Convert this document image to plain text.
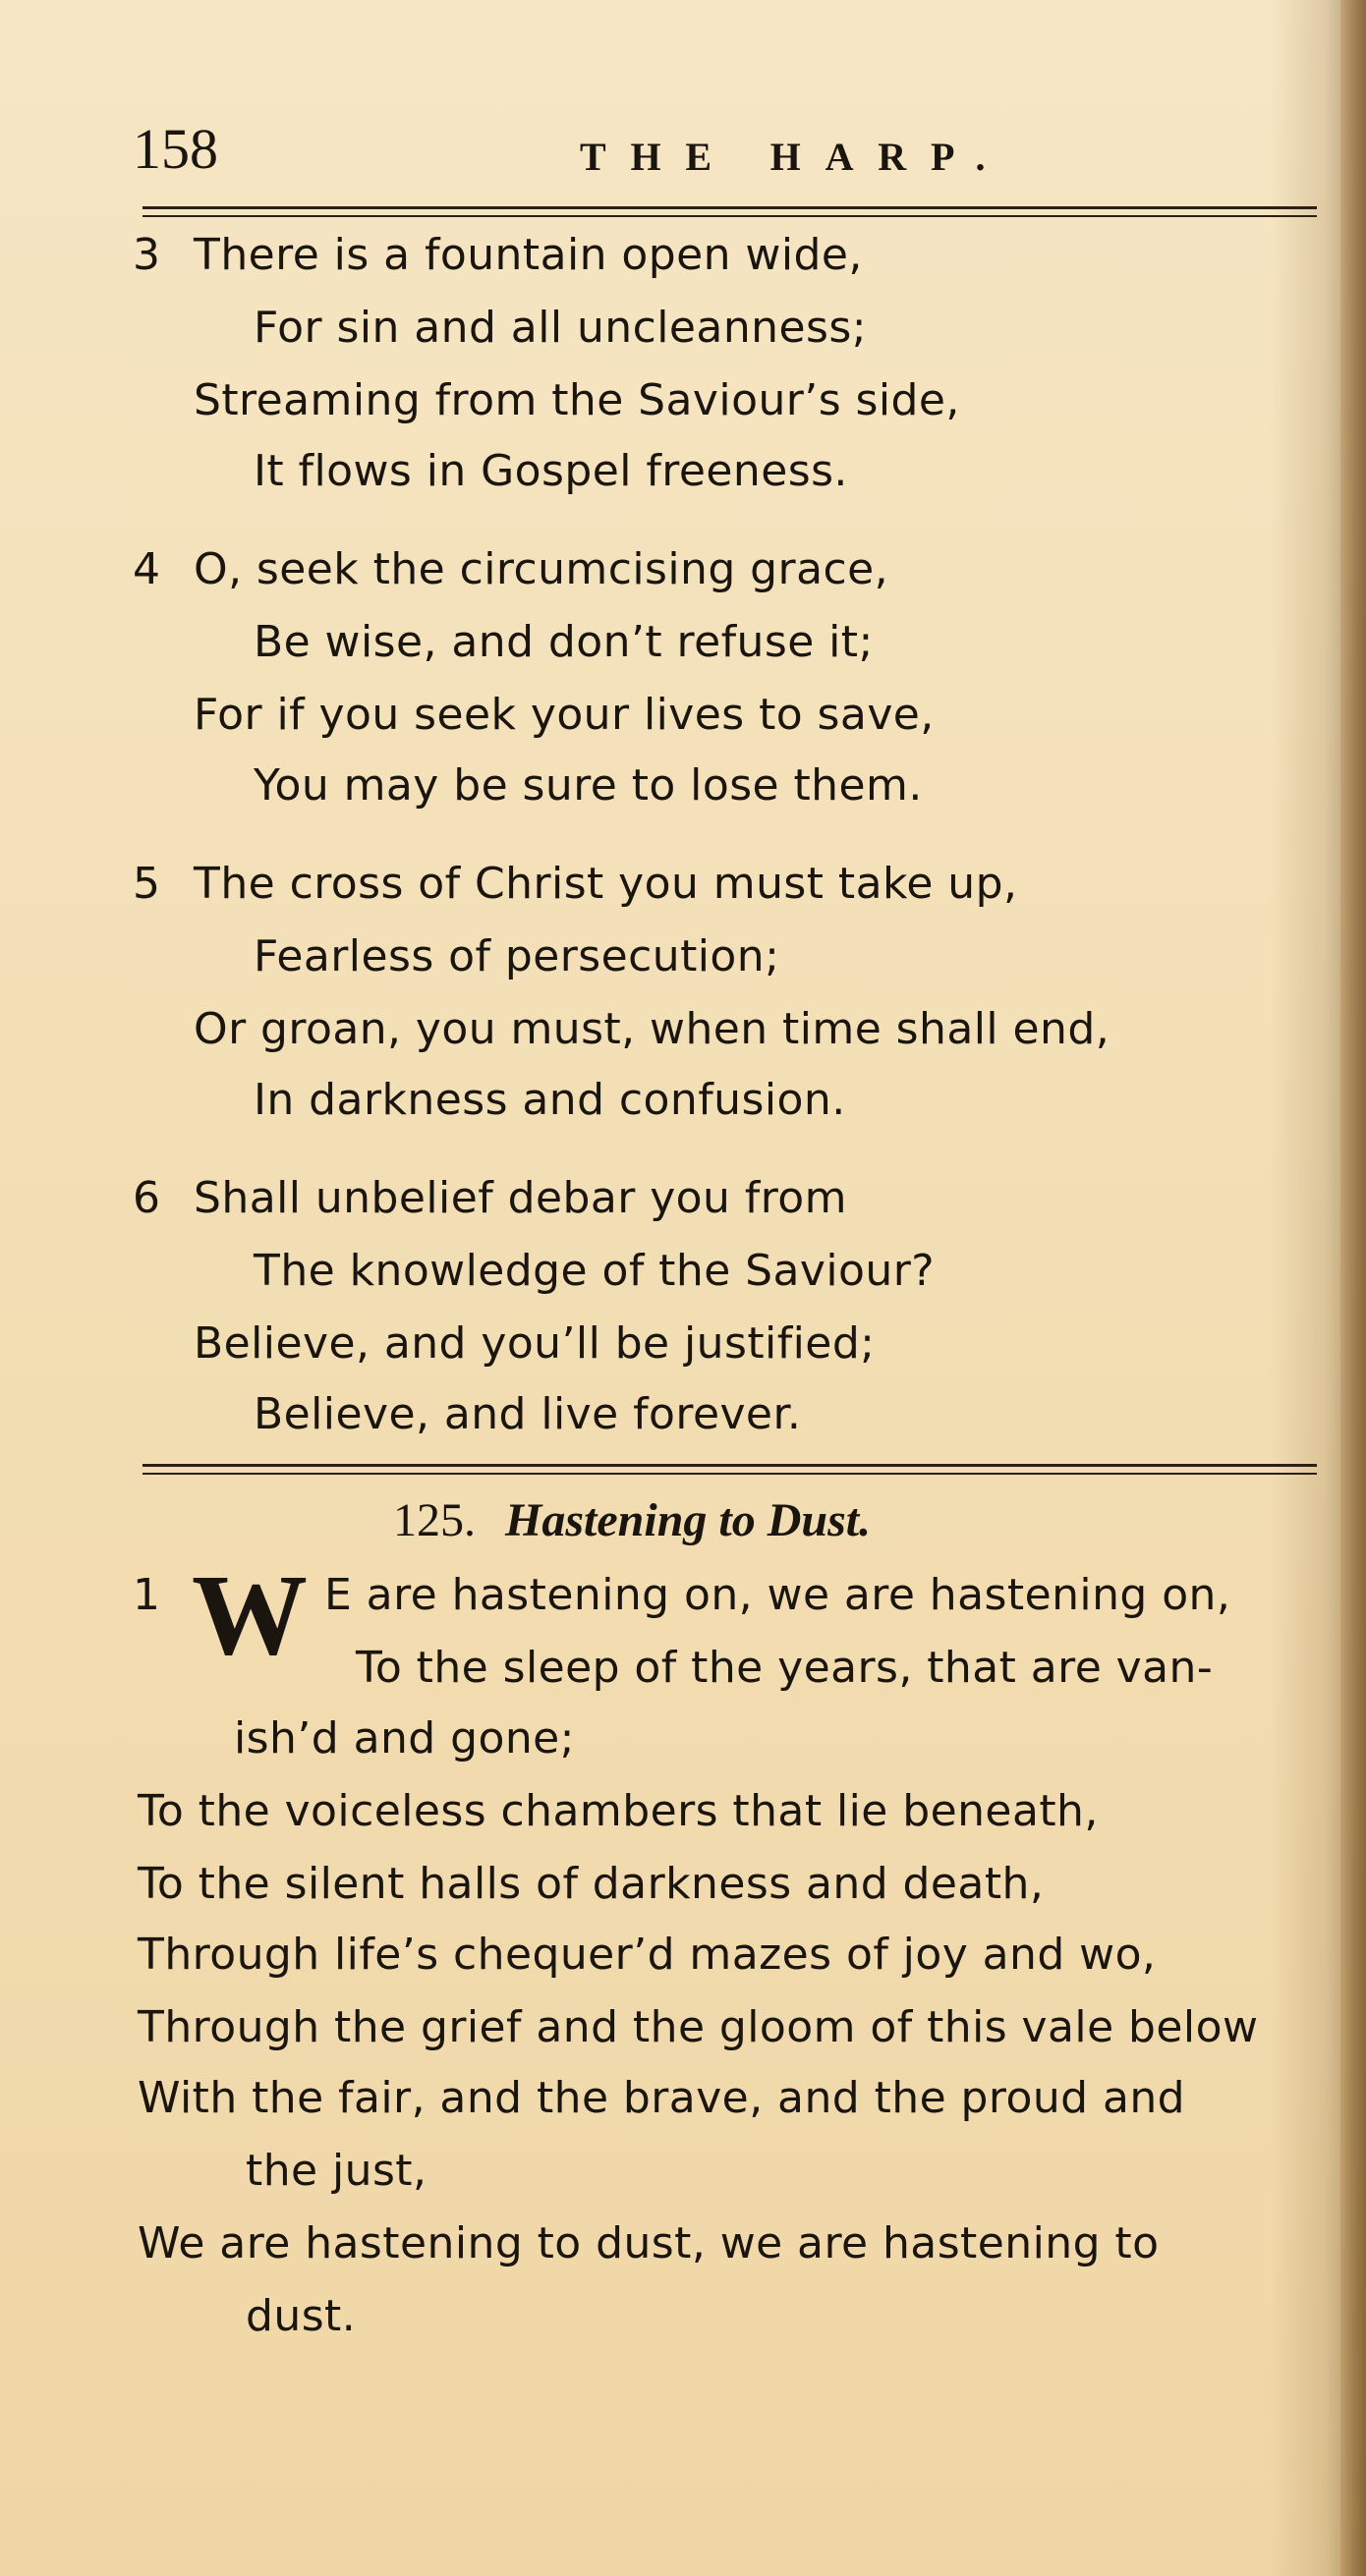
158	THE HARP.
3 There is a fountain open wide,
For sin and all uncleanness;
Streaming from the Saviour’s side,
It flows in Gospel freeness.
4 O, seek the circumcising grace,
Be wise, and don’t refuse it;
For if you seek your lives to save,
You may be sure to lose them.
5 The cross of Christ you must take up,
Fearless of persecution;
Or groan, you must, when time shall end,
In darkness and confusion.
6 Shall unbelief debar you from
The knowledge of the Saviour?
Believe, and you’ll be justified;
Believe, and live forever.
125. Hastening to Dust.
1 W E are hastening on, we are hastening on,
To the sleep of the years, that are van-
ish’d and gone;
To the voiceless chambers that lie beneath,
To the silent halls of darkness and death,
Through life’s chequer’d mazes of joy and wo,
Through the grief and the gloom of this vale below
With the fair, and the brave, and the proud and
the just,
We are hastening to dust, we are hastening to
dust.
